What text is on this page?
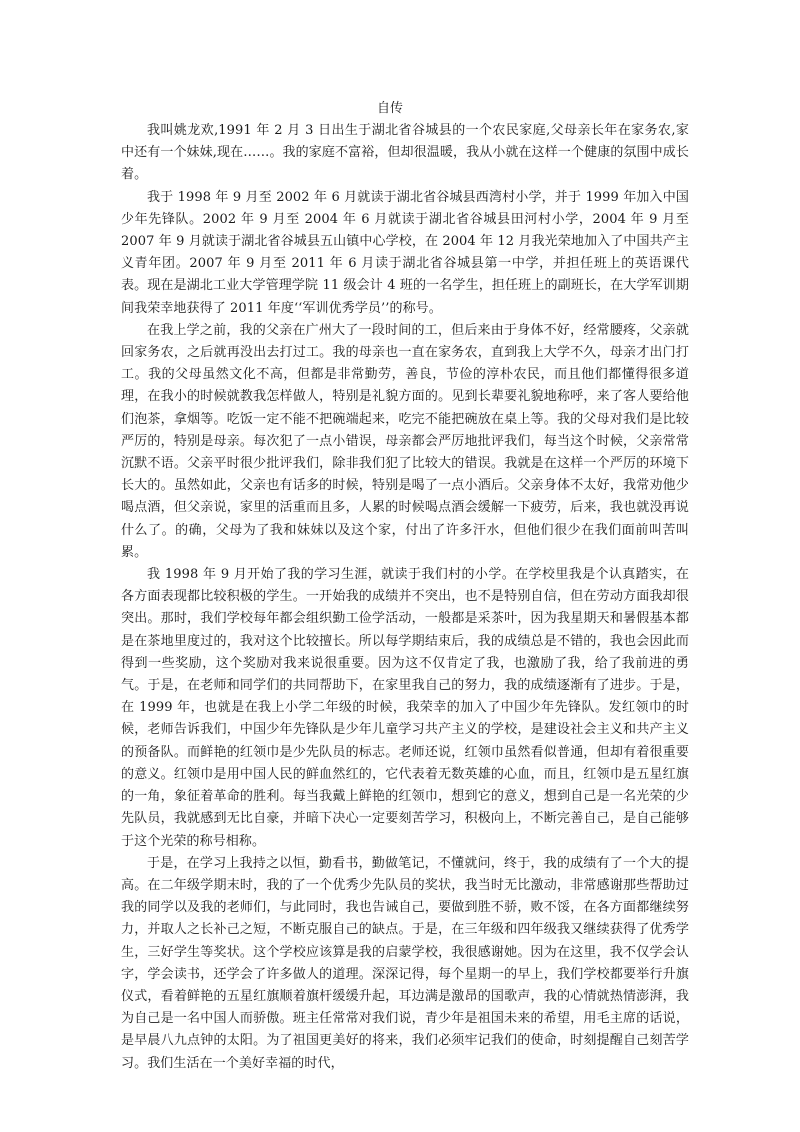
自传

我叫姚龙欢,1991 年 2 月 3 日出生于湖北省谷城县的一个农民家庭,父母亲长年在家务农,家中还有一个妹妹,现在……。我的家庭不富裕，但却很温暖，我从小就在这样一个健康的氛围中成长着。

我于 1998 年 9 月至 2002 年 6 月就读于湖北省谷城县西湾村小学，并于 1999 年加入中国少年先锋队。2002 年 9 月至 2004 年 6 月就读于湖北省谷城县田河村小学，2004 年 9 月至 2007 年 9 月就读于湖北省谷城县五山镇中心学校，在 2004 年 12 月我光荣地加入了中国共产主义青年团。2007 年 9 月至 2011 年 6 月读于湖北省谷城县第一中学，并担任班上的英语课代表。现在是湖北工业大学管理学院 11 级会计 4 班的一名学生，担任班上的副班长，在大学军训期间我荣幸地获得了 2011 年度‘‘军训优秀学员’’的称号。

在我上学之前，我的父亲在广州大了一段时间的工，但后来由于身体不好，经常腰疼，父亲就回家务农，之后就再没出去打过工。我的母亲也一直在家务农，直到我上大学不久，母亲才出门打工。我的父母虽然文化不高，但都是非常勤劳，善良，节俭的淳朴农民，而且他们都懂得很多道理，在我小的时候就教我怎样做人，特别是礼貌方面的。见到长辈要礼貌地称呼，来了客人要给他们泡茶，拿烟等。吃饭一定不能不把碗端起来，吃完不能把碗放在桌上等。我的父母对我们是比较严厉的，特别是母亲。每次犯了一点小错误，母亲都会严厉地批评我们，每当这个时候，父亲常常沉默不语。父亲平时很少批评我们，除非我们犯了比较大的错误。我就是在这样一个严厉的环境下长大的。虽然如此，父亲也有话多的时候，特别是喝了一点小酒后。父亲身体不太好，我常劝他少喝点酒，但父亲说，家里的活重而且多，人累的时候喝点酒会缓解一下疲劳，后来，我也就没再说什么了。的确，父母为了我和妹妹以及这个家，付出了许多汗水，但他们很少在我们面前叫苦叫累。

我 1998 年 9 月开始了我的学习生涯，就读于我们村的小学。在学校里我是个认真踏实，在各方面表现都比较积极的学生。一开始我的成绩并不突出，也不是特别自信，但在劳动方面我却很突出。那时，我们学校每年都会组织勤工俭学活动，一般都是采茶叶，因为我星期天和暑假基本都是在茶地里度过的，我对这个比较擅长。所以每学期结束后，我的成绩总是不错的，我也会因此而得到一些奖励，这个奖励对我来说很重要。因为这不仅肯定了我，也激励了我，给了我前进的勇气。于是，在老师和同学们的共同帮助下，在家里我自己的努力，我的成绩逐渐有了进步。于是，在 1999 年，也就是在我上小学二年级的时候，我荣幸的加入了中国少年先锋队。发红领巾的时候，老师告诉我们，中国少年先锋队是少年儿童学习共产主义的学校，是建设社会主义和共产主义的预备队。而鲜艳的红领巾是少先队员的标志。老师还说，红领巾虽然看似普通，但却有着很重要的意义。红领巾是用中国人民的鲜血然红的，它代表着无数英雄的心血，而且，红领巾是五星红旗的一角，象征着革命的胜利。每当我戴上鲜艳的红领巾，想到它的意义，想到自己是一名光荣的少先队员，我就感到无比自豪，并暗下决心一定要刻苦学习，积极向上，不断完善自己，是自己能够于这个光荣的称号相称。

于是，在学习上我持之以恒，勤看书，勤做笔记，不懂就问，终于，我的成绩有了一个大的提高。在二年级学期末时，我的了一个优秀少先队员的奖状，我当时无比激动，非常感谢那些帮助过我的同学以及我的老师们，与此同时，我也告诫自己，要做到胜不骄，败不馁，在各方面都继续努力，并取人之长补己之短，不断克服自己的缺点。于是，在三年级和四年级我又继续获得了优秀学生，三好学生等奖状。这个学校应该算是我的启蒙学校，我很感谢她。因为在这里，我不仅学会认字，学会读书，还学会了许多做人的道理。深深记得，每个星期一的早上，我们学校都要举行升旗仪式，看着鲜艳的五星红旗顺着旗杆缓缓升起，耳边满是激昂的国歌声，我的心情就热情澎湃，我为自己是一名中国人而骄傲。班主任常常对我们说，青少年是祖国未来的希望，用毛主席的话说，是早晨八九点钟的太阳。为了祖国更美好的将来，我们必须牢记我们的使命，时刻提醒自己刻苦学习。我们生活在一个美好幸福的时代，
